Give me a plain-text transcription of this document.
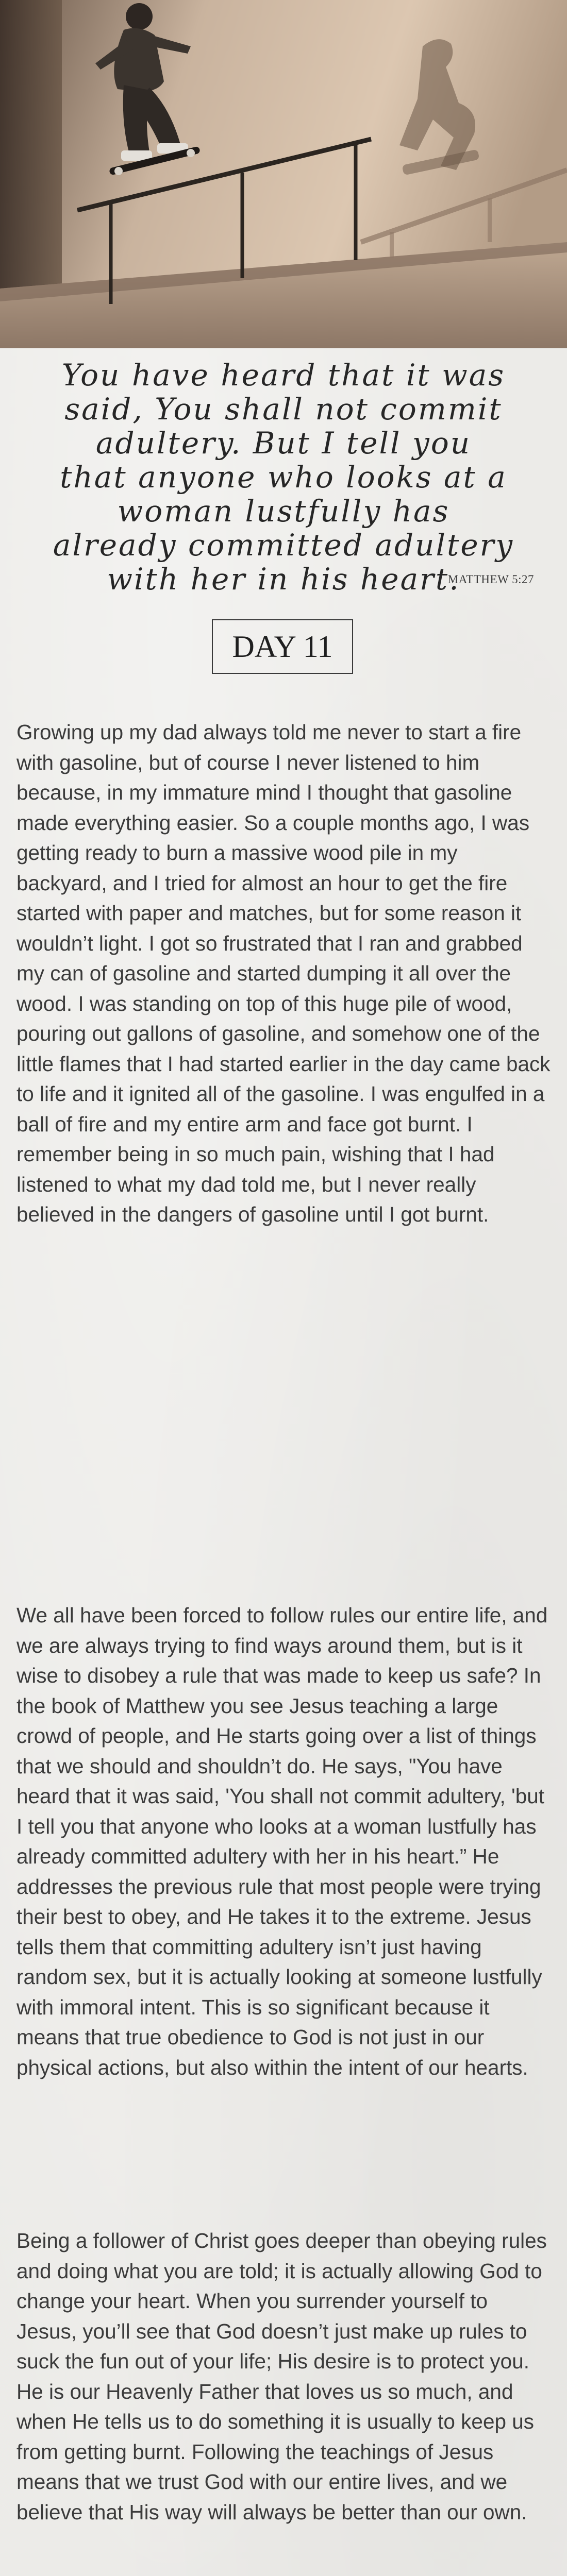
You have heard that it was
said, You shall not commit
adultery. But I tell you
that anyone who looks at a
woman lustfully has
already committed adultery
with her in his heart.
MATTHEW 5:27
DAY 11

Growing up my dad always told me never to start a fire with gasoline, but of course I never listened to him because, in my immature mind I thought that gasoline made everything easier. So a couple months ago, I was getting ready to burn a massive wood pile in my backyard, and I tried for almost an hour to get the fire started with paper and matches, but for some reason it wouldn’t light. I got so frustrated that I ran and grabbed my can of gasoline and started dumping it all over the wood. I was standing on top of this huge pile of wood, pouring out gallons of gasoline, and somehow one of the little flames that I had started earlier in the day came back to life and it ignited all of the gasoline. I was engulfed in a ball of fire and my entire arm and face got burnt. I remember being in so much pain, wishing that I had listened to what my dad told me, but I never really believed in the dangers of gasoline until I got burnt.

We all have been forced to follow rules our entire life, and we are always trying to find ways around them, but is it wise to disobey a rule that was made to keep us safe? In the book of Matthew you see Jesus teaching a large crowd of people, and He starts going over a list of things that we should and shouldn’t do. He says, "You have heard that it was said, 'You shall not commit adultery, 'but I tell you that anyone who looks at a woman lustfully has already committed adultery with her in his heart.” He addresses the previous rule that most people were trying their best to obey, and He takes it to the extreme. Jesus tells them that committing adultery isn’t just having random sex, but it is actually looking at someone lustfully with immoral intent. This is so significant because it means that true obedience to God is not just in our physical actions, but also within the intent of our hearts.

Being a follower of Christ goes deeper than obeying rules and doing what you are told; it is actually allowing God to change your heart. When you surrender yourself to Jesus, you’ll see that God doesn’t just make up rules to suck the fun out of your life; His desire is to protect you. He is our Heavenly Father that loves us so much, and when He tells us to do something it is usually to keep us from getting burnt. Following the teachings of Jesus means that we trust God with our entire lives, and we believe that His way will always be better than our own.
